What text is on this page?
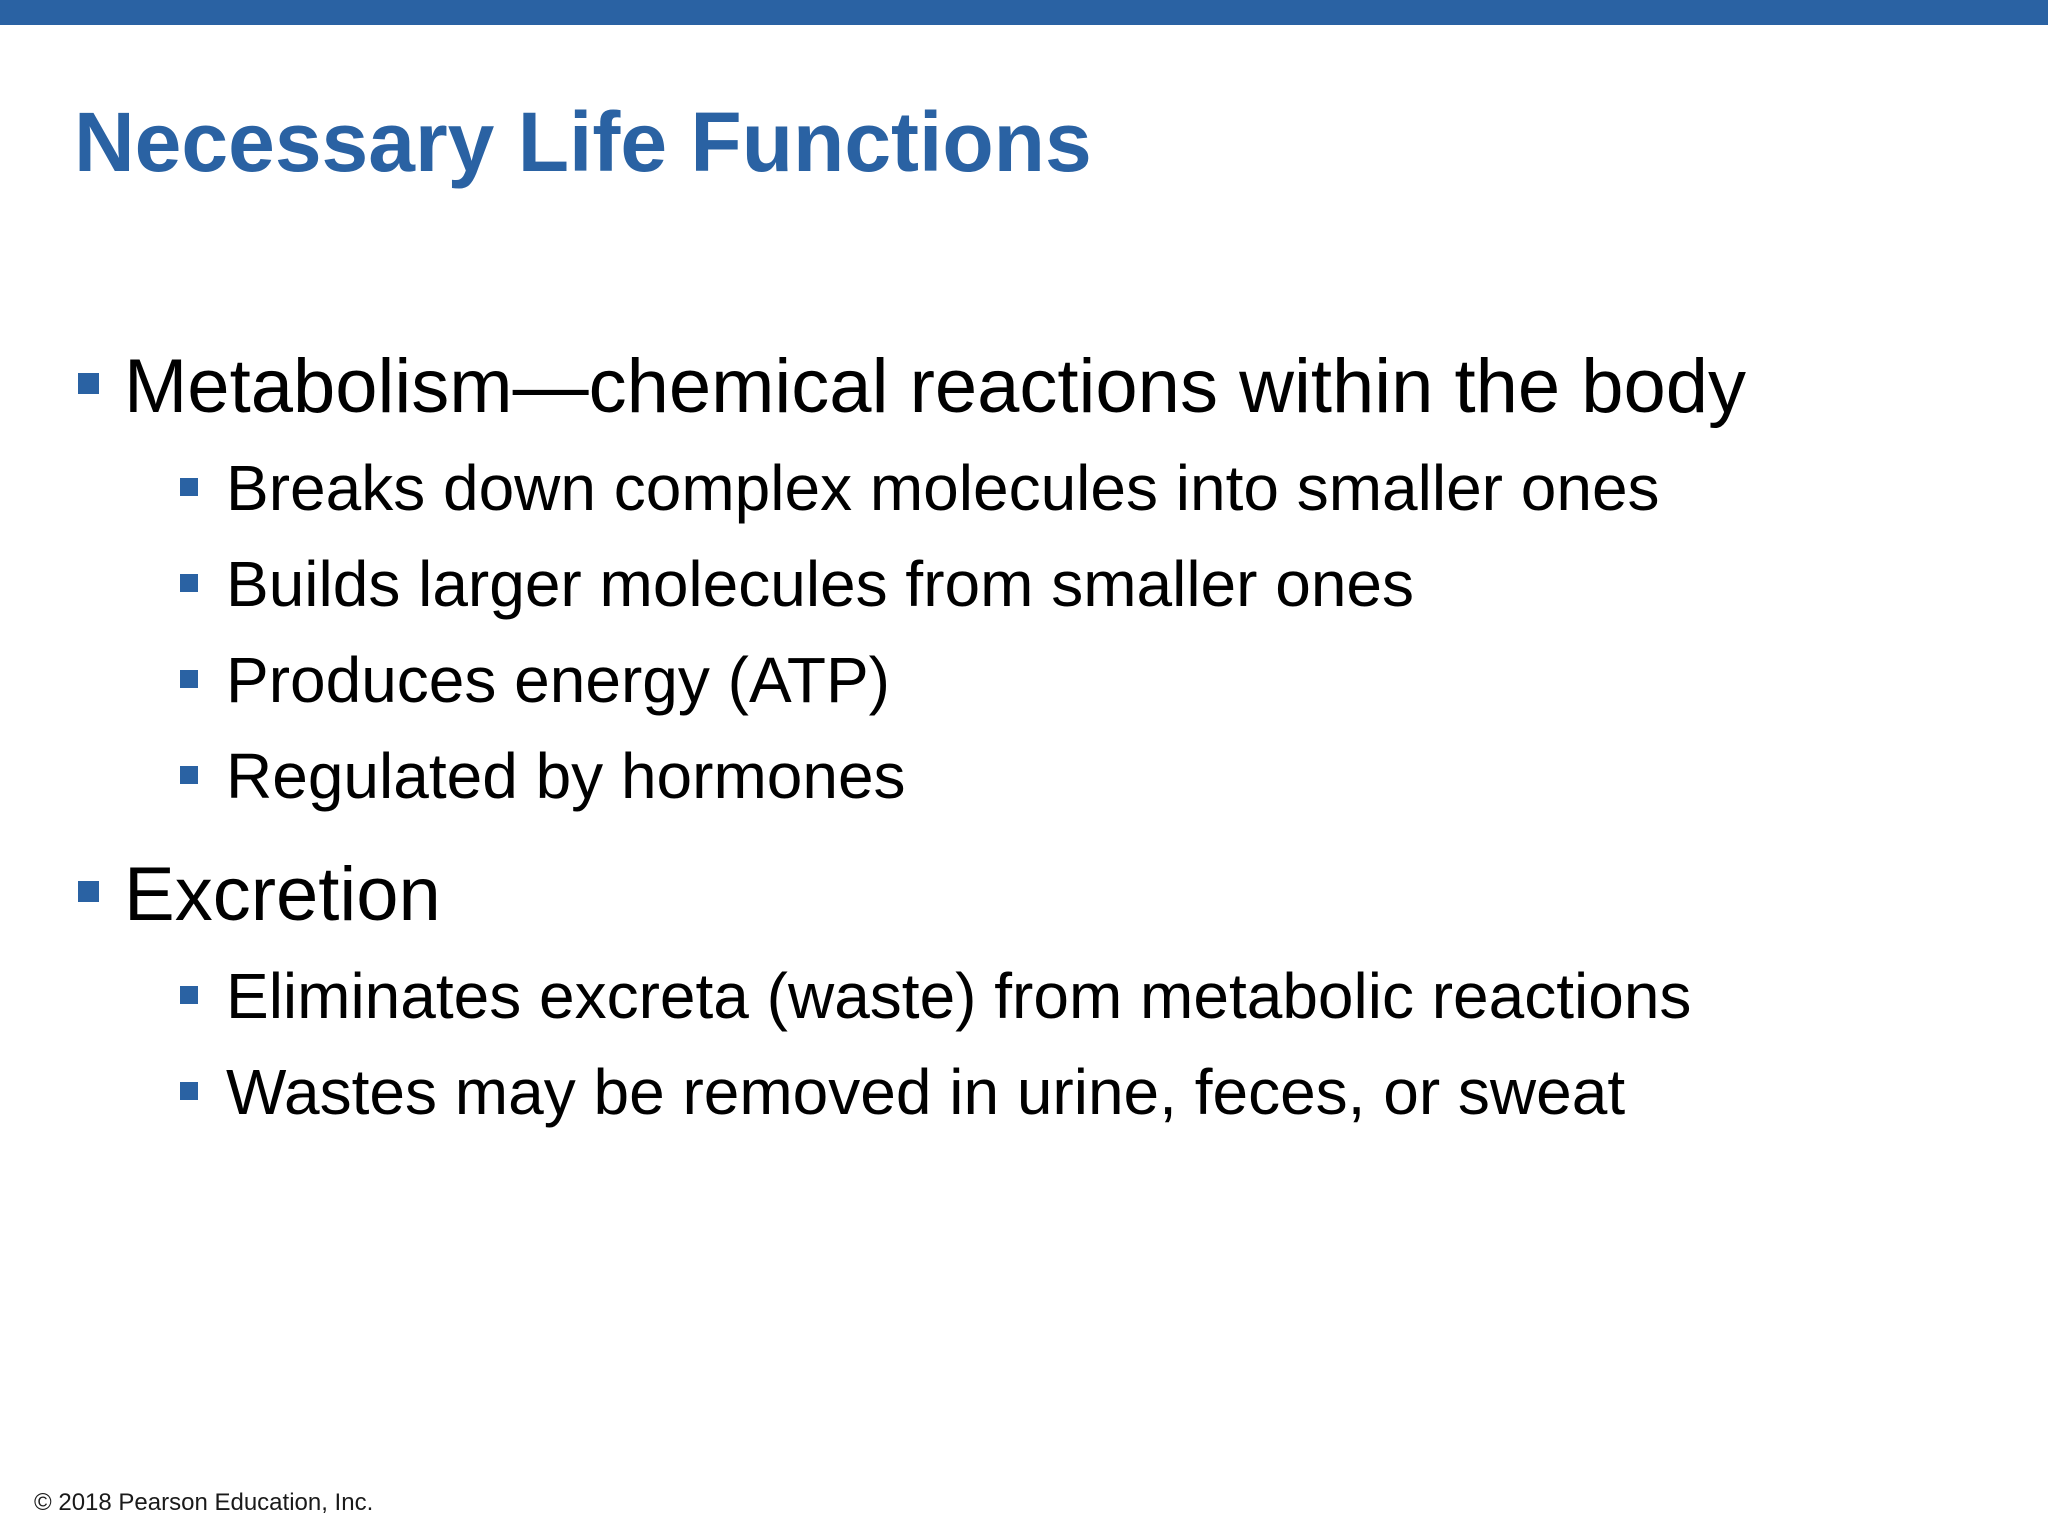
Necessary Life Functions
Metabolism—chemical reactions within the body
Breaks down complex molecules into smaller ones
Builds larger molecules from smaller ones
Produces energy (ATP)
Regulated by hormones
Excretion
Eliminates excreta (waste) from metabolic reactions
Wastes may be removed in urine, feces, or sweat
© 2018 Pearson Education, Inc.
